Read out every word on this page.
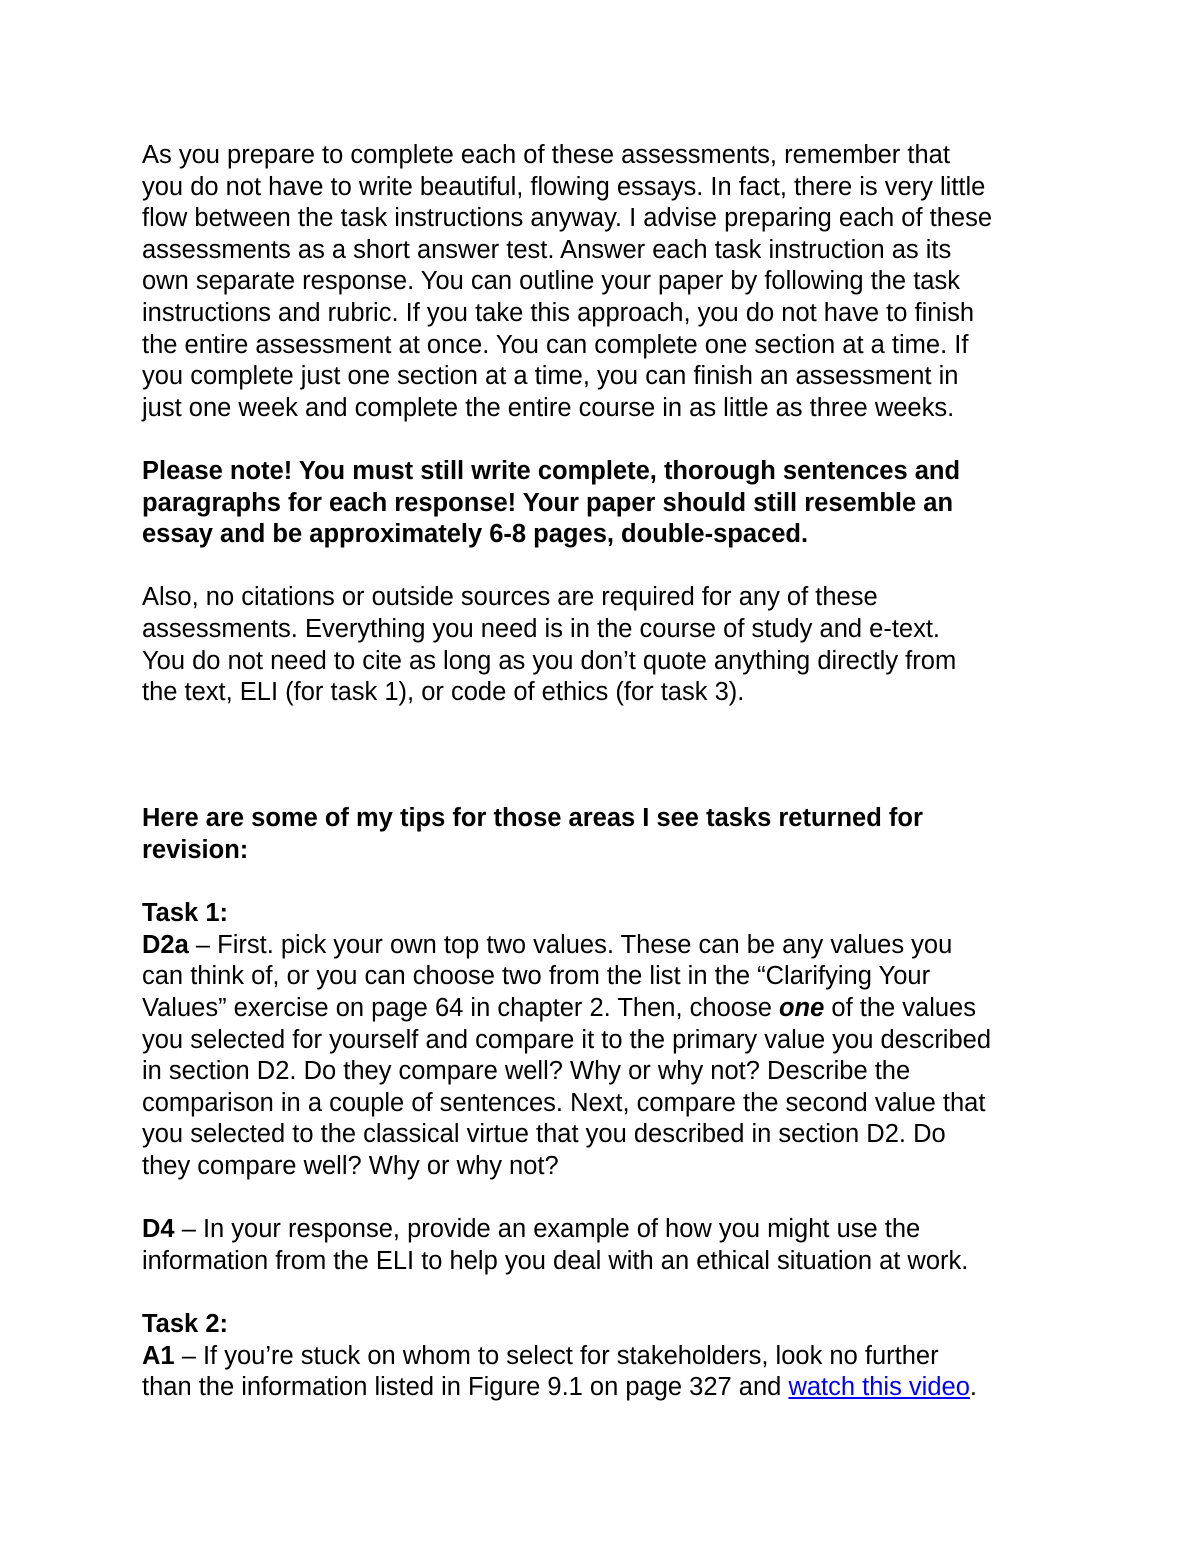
As you prepare to complete each of these assessments, remember that

you do not have to write beautiful, flowing essays. In fact, there is very little

flow between the task instructions anyway. I advise preparing each of these

assessments as a short answer test. Answer each task instruction as its

own separate response. You can outline your paper by following the task

instructions and rubric. If you take this approach, you do not have to finish

the entire assessment at once. You can complete one section at a time. If

you complete just one section at a time, you can finish an assessment in

just one week and complete the entire course in as little as three weeks.

Please note! You must still write complete, thorough sentences and

paragraphs for each response! Your paper should still resemble an

essay and be approximately 6-8 pages, double-spaced.

Also, no citations or outside sources are required for any of these

assessments. Everything you need is in the course of study and e-text.

You do not need to cite as long as you don’t quote anything directly from

the text, ELI (for task 1), or code of ethics (for task 3).

Here are some of my tips for those areas I see tasks returned for

revision:

Task 1:

D2a – First. pick your own top two values. These can be any values you

can think of, or you can choose two from the list in the “Clarifying Your

Values” exercise on page 64 in chapter 2. Then, choose one of the values

you selected for yourself and compare it to the primary value you described

in section D2. Do they compare well? Why or why not? Describe the

comparison in a couple of sentences. Next, compare the second value that

you selected to the classical virtue that you described in section D2. Do

they compare well? Why or why not?

D4 – In your response, provide an example of how you might use the

information from the ELI to help you deal with an ethical situation at work.

Task 2:

A1 – If you’re stuck on whom to select for stakeholders, look no further

than the information listed in Figure 9.1 on page 327 and watch this video.
